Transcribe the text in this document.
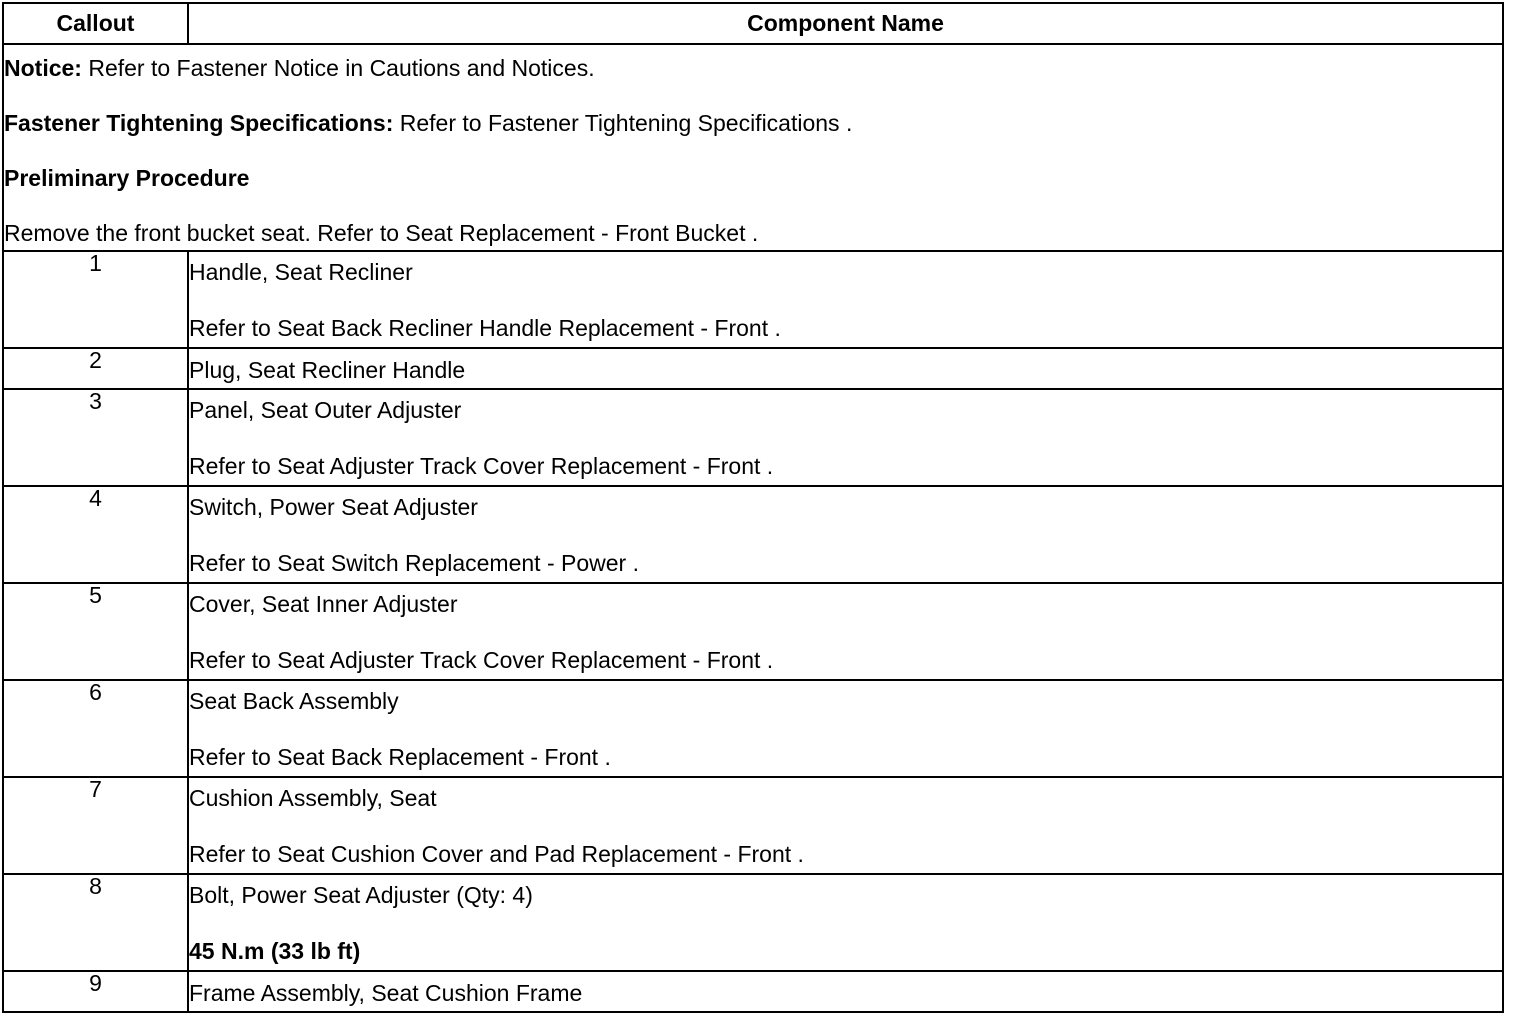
Callout	Component Name

Notice: Refer to Fastener Notice in Cautions and Notices.
Fastener Tightening Specifications: Refer to Fastener Tightening Specifications .
Preliminary Procedure
Remove the front bucket seat. Refer to Seat Replacement - Front Bucket .	

1	Handle, Seat Recliner
Refer to Seat Back Recliner Handle Replacement - Front .

2	Plug, Seat Recliner Handle

3	Panel, Seat Outer Adjuster
Refer to Seat Adjuster Track Cover Replacement - Front .

4	Switch, Power Seat Adjuster
Refer to Seat Switch Replacement - Power .

5	Cover, Seat Inner Adjuster
Refer to Seat Adjuster Track Cover Replacement - Front .

6	Seat Back Assembly
Refer to Seat Back Replacement - Front .

7	Cushion Assembly, Seat
Refer to Seat Cushion Cover and Pad Replacement - Front .

8	Bolt, Power Seat Adjuster (Qty: 4)
45 N.m (33 lb ft)

9	Frame Assembly, Seat Cushion Frame
